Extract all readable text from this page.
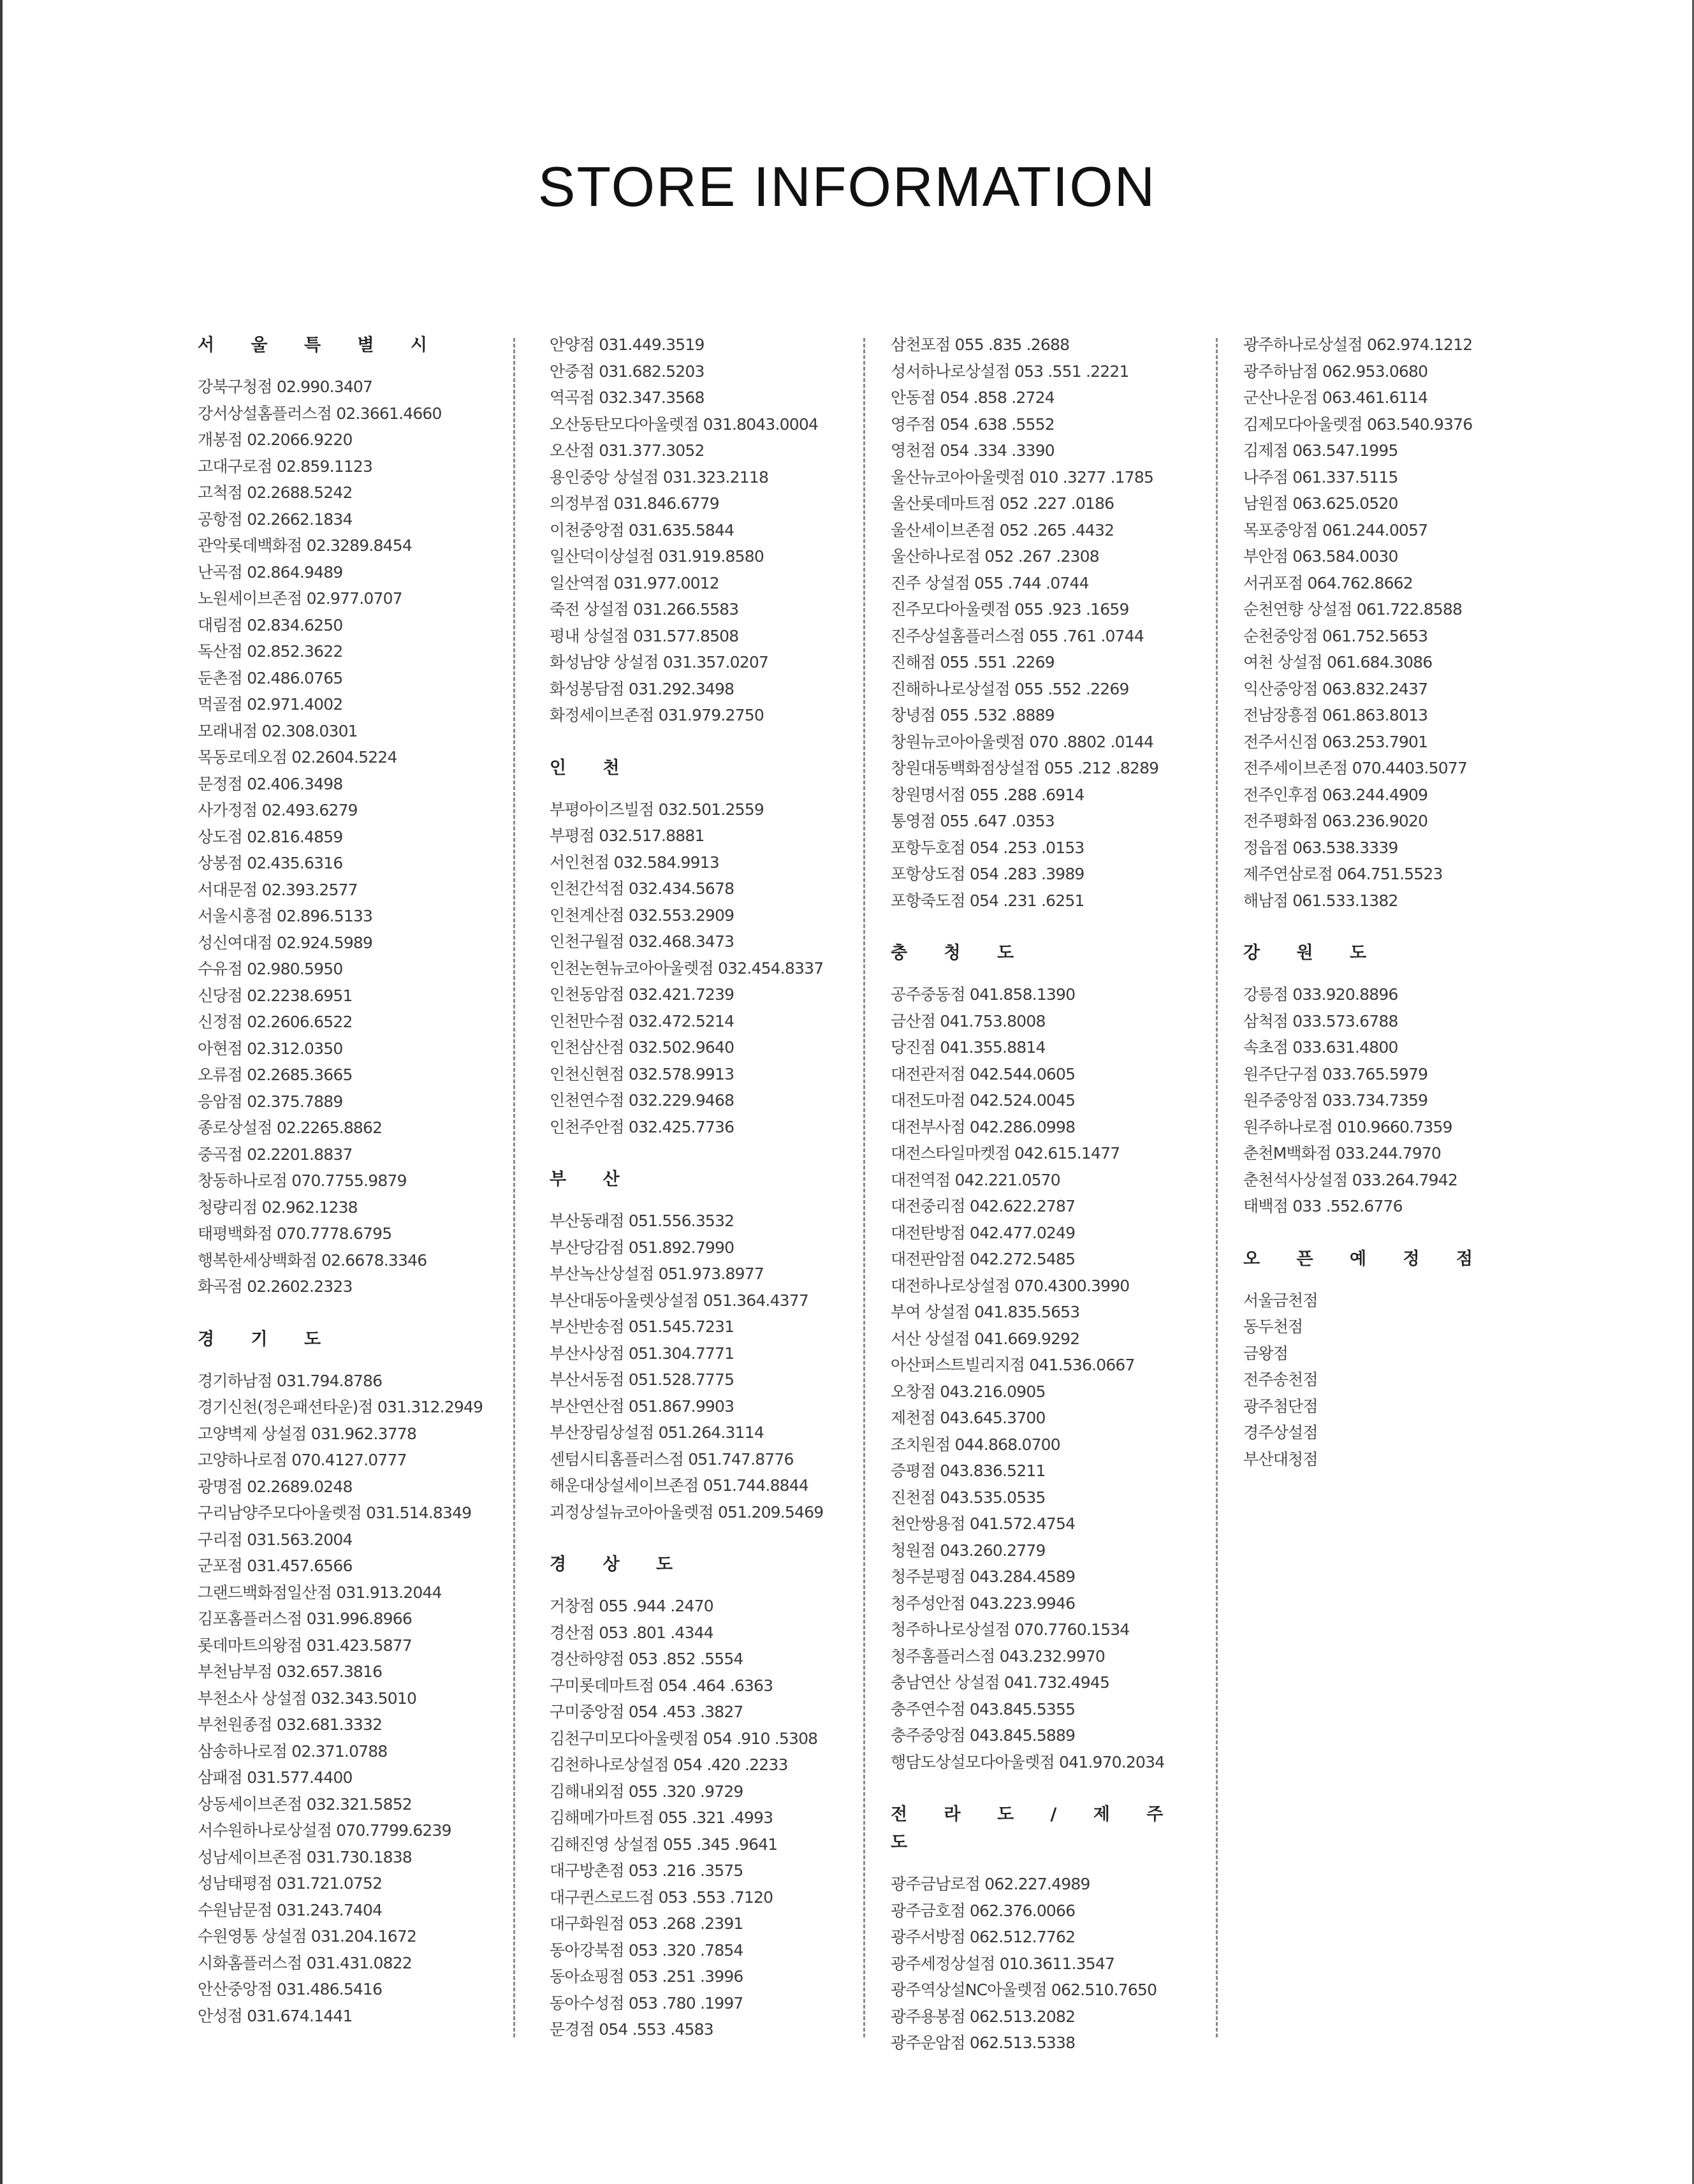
STORE INFORMATION
서 울 특 별 시
강북구청점 02.990.3407
강서상설홈플러스점 02.3661.4660
개봉점 02.2066.9220
고대구로점 02.859.1123
고척점 02.2688.5242
공항점 02.2662.1834
관악롯데백화점 02.3289.8454
난곡점 02.864.9489
노원세이브존점 02.977.0707
대림점 02.834.6250
독산점 02.852.3622
둔촌점 02.486.0765
먹골점 02.971.4002
모래내점 02.308.0301
목동로데오점 02.2604.5224
문정점 02.406.3498
사가정점 02.493.6279
상도점 02.816.4859
상봉점 02.435.6316
서대문점 02.393.2577
서울시흥점 02.896.5133
성신여대점 02.924.5989
수유점 02.980.5950
신당점 02.2238.6951
신정점 02.2606.6522
아현점 02.312.0350
오류점 02.2685.3665
응암점 02.375.7889
종로상설점 02.2265.8862
중곡점 02.2201.8837
창동하나로점 070.7755.9879
청량리점 02.962.1238
태평백화점 070.7778.6795
행복한세상백화점 02.6678.3346
화곡점 02.2602.2323
경 기 도
경기하남점 031.794.8786
경기신천(정은패션타운)점 031.312.2949
고양벽제 상설점 031.962.3778
고양하나로점 070.4127.0777
광명점 02.2689.0248
구리남양주모다아울렛점 031.514.8349
구리점 031.563.2004
군포점 031.457.6566
그랜드백화점일산점 031.913.2044
김포홈플러스점 031.996.8966
롯데마트의왕점 031.423.5877
부천남부점 032.657.3816
부천소사 상설점 032.343.5010
부천원종점 032.681.3332
삼송하나로점 02.371.0788
삼패점 031.577.4400
상동세이브존점 032.321.5852
서수원하나로상설점 070.7799.6239
성남세이브존점 031.730.1838
성남태평점 031.721.0752
수원남문점 031.243.7404
수원영통 상설점 031.204.1672
시화홈플러스점 031.431.0822
안산중앙점 031.486.5416
안성점 031.674.1441
안양점 031.449.3519
안중점 031.682.5203
역곡점 032.347.3568
오산동탄모다아울렛점 031.8043.0004
오산점 031.377.3052
용인중앙 상설점 031.323.2118
의정부점 031.846.6779
이천중앙점 031.635.5844
일산덕이상설점 031.919.8580
일산역점 031.977.0012
죽전 상설점 031.266.5583
평내 상설점 031.577.8508
화성남양 상설점 031.357.0207
화성봉담점 031.292.3498
화정세이브존점 031.979.2750
인 천
부평아이즈빌점 032.501.2559
부평점 032.517.8881
서인천점 032.584.9913
인천간석점 032.434.5678
인천계산점 032.553.2909
인천구월점 032.468.3473
인천논현뉴코아아울렛점 032.454.8337
인천동암점 032.421.7239
인천만수점 032.472.5214
인천삼산점 032.502.9640
인천신현점 032.578.9913
인천연수점 032.229.9468
인천주안점 032.425.7736
부 산
부산동래점 051.556.3532
부산당감점 051.892.7990
부산녹산상설점 051.973.8977
부산대동아울렛상설점 051.364.4377
부산반송점 051.545.7231
부산사상점 051.304.7771
부산서동점 051.528.7775
부산연산점 051.867.9903
부산장림상설점 051.264.3114
센텀시티홈플러스점 051.747.8776
해운대상설세이브존점 051.744.8844
괴정상설뉴코아아울렛점 051.209.5469
경 상 도
거창점 055 .944 .2470
경산점 053 .801 .4344
경산하양점 053 .852 .5554
구미롯데마트점 054 .464 .6363
구미중앙점 054 .453 .3827
김천구미모다아울렛점 054 .910 .5308
김천하나로상설점 054 .420 .2233
김해내외점 055 .320 .9729
김해메가마트점 055 .321 .4993
김해진영 상설점 055 .345 .9641
대구방촌점 053 .216 .3575
대구퀸스로드점 053 .553 .7120
대구화원점 053 .268 .2391
동아강북점 053 .320 .7854
동아쇼핑점 053 .251 .3996
동아수성점 053 .780 .1997
문경점 054 .553 .4583
삼천포점 055 .835 .2688
성서하나로상설점 053 .551 .2221
안동점 054 .858 .2724
영주점 054 .638 .5552
영천점 054 .334 .3390
울산뉴코아아울렛점 010 .3277 .1785
울산롯데마트점 052 .227 .0186
울산세이브존점 052 .265 .4432
울산하나로점 052 .267 .2308
진주 상설점 055 .744 .0744
진주모다아울렛점 055 .923 .1659
진주상설홈플러스점 055 .761 .0744
진해점 055 .551 .2269
진해하나로상설점 055 .552 .2269
창녕점 055 .532 .8889
창원뉴코아아울렛점 070 .8802 .0144
창원대동백화점상설점 055 .212 .8289
창원명서점 055 .288 .6914
통영점 055 .647 .0353
포항두호점 054 .253 .0153
포항상도점 054 .283 .3989
포항죽도점 054 .231 .6251
충 청 도
공주중동점 041.858.1390
금산점 041.753.8008
당진점 041.355.8814
대전관저점 042.544.0605
대전도마점 042.524.0045
대전부사점 042.286.0998
대전스타일마켓점 042.615.1477
대전역점 042.221.0570
대전중리점 042.622.2787
대전탄방점 042.477.0249
대전판암점 042.272.5485
대전하나로상설점 070.4300.3990
부여 상설점 041.835.5653
서산 상설점 041.669.9292
아산퍼스트빌리지점 041.536.0667
오창점 043.216.0905
제천점 043.645.3700
조치원점 044.868.0700
증평점 043.836.5211
진천점 043.535.0535
천안쌍용점 041.572.4754
청원점 043.260.2779
청주분평점 043.284.4589
청주성안점 043.223.9946
청주하나로상설점 070.7760.1534
청주홈플러스점 043.232.9970
충남연산 상설점 041.732.4945
충주연수점 043.845.5355
충주중앙점 043.845.5889
행담도상설모다아울렛점 041.970.2034
전 라 도 / 제 주 도
광주금남로점 062.227.4989
광주금호점 062.376.0066
광주서방점 062.512.7762
광주세정상설점 010.3611.3547
광주역상설NC아울렛점 062.510.7650
광주용봉점 062.513.2082
광주운암점 062.513.5338
광주하나로상설점 062.974.1212
광주하남점 062.953.0680
군산나운점 063.461.6114
김제모다아울렛점 063.540.9376
김제점 063.547.1995
나주점 061.337.5115
남원점 063.625.0520
목포중앙점 061.244.0057
부안점 063.584.0030
서귀포점 064.762.8662
순천연향 상설점 061.722.8588
순천중앙점 061.752.5653
여천 상설점 061.684.3086
익산중앙점 063.832.2437
전남장흥점 061.863.8013
전주서신점 063.253.7901
전주세이브존점 070.4403.5077
전주인후점 063.244.4909
전주평화점 063.236.9020
정읍점 063.538.3339
제주연삼로점 064.751.5523
해남점 061.533.1382
강 원 도
강릉점 033.920.8896
삼척점 033.573.6788
속초점 033.631.4800
원주단구점 033.765.5979
원주중앙점 033.734.7359
원주하나로점 010.9660.7359
춘천M백화점 033.244.7970
춘천석사상설점 033.264.7942
태백점 033 .552.6776
오 픈 예 정 점
서울금천점
동두천점
금왕점
전주송천점
광주첨단점
경주상설점
부산대청점
